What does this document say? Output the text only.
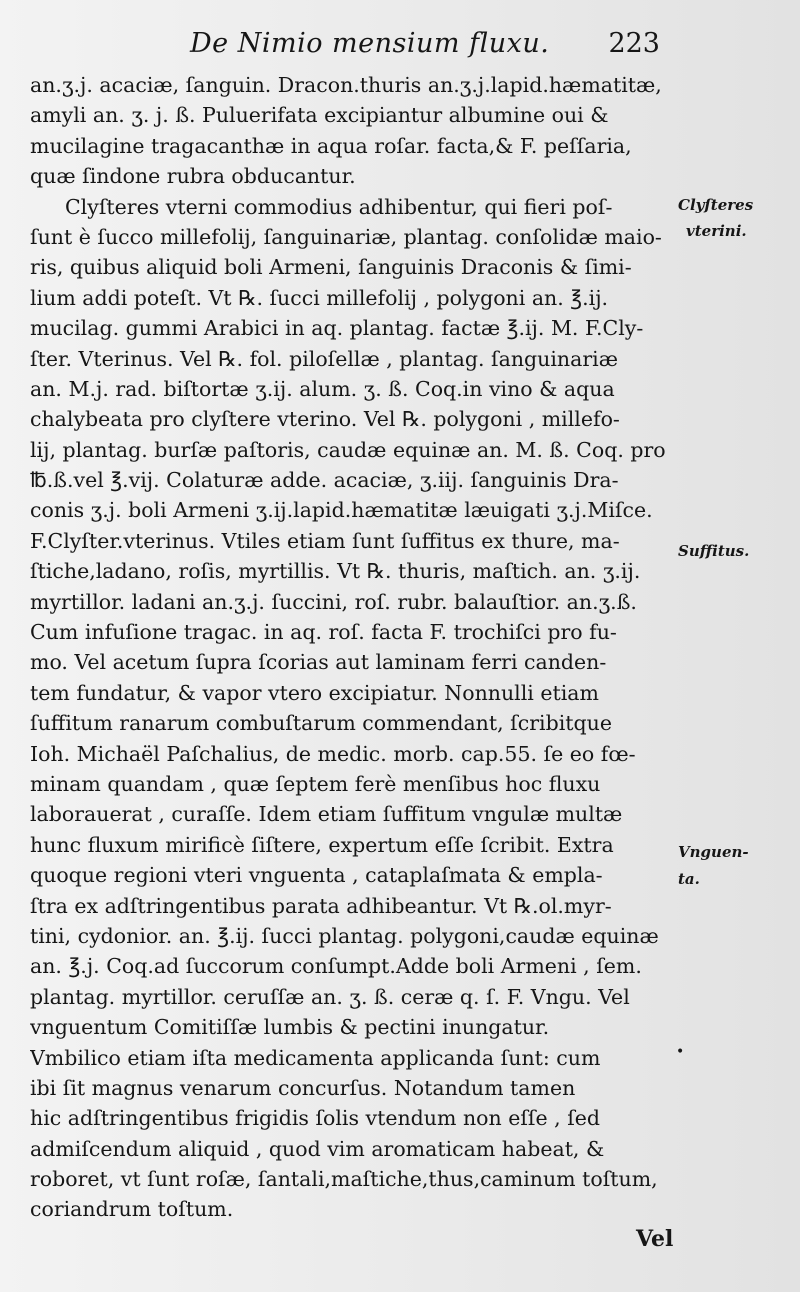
De Nimio mensium fluxu. 223
an.ʒ.j. acaciæ, ſanguin. Dracon.thuris an.ʒ.j.lapid.hæmatitæ,
amyli an. ʒ. j. ß. Puluerifata excipiantur albumine oui &
mucilagine tragacanthæ in aqua roſar. facta,& F. peſſaria,
quæ ſindone rubra obducantur.
Clyſteres vterni commodius adhibentur, qui fieri poſ-
ſunt è ſucco millefolij, ſanguinariæ, plantag. conſolidæ maio-
ris, quibus aliquid boli Armeni, ſanguinis Draconis & ſimi-
lium addi poteſt. Vt ℞. ſucci millefolij , polygoni an. ℥.ij.
mucilag. gummi Arabici in aq. plantag. factæ ℥.ij. M. F.Cly-
ſter. Vterinus. Vel ℞. fol. piloſellæ , plantag. ſanguinariæ
an. M.j. rad. biſtortæ ʒ.ij. alum. ʒ. ß. Coq.in vino & aqua
chalybeata pro clyſtere vterino. Vel ℞. polygoni , millefo-
lij, plantag. burſæ paſtoris, caudæ equinæ an. M. ß. Coq. pro
℔.ß.vel ℥.vij. Colaturæ adde. acaciæ, ʒ.iij. ſanguinis Dra-
conis ʒ.j. boli Armeni ʒ.ij.lapid.hæmatitæ læuigati ʒ.j.Miſce.
F.Clyſter.vterinus. Vtiles etiam ſunt ſuffitus ex thure, ma-
ſtiche,ladano, roſis, myrtillis. Vt ℞. thuris, maſtich. an. ʒ.ij.
myrtillor. ladani an.ʒ.j. ſuccini, roſ. rubr. balauſtior. an.ʒ.ß.
Cum infuſione tragac. in aq. roſ. facta F. trochiſci pro fu-
mo. Vel acetum ſupra ſcorias aut laminam ferri canden-
tem fundatur, & vapor vtero excipiatur. Nonnulli etiam
ſuffitum ranarum combuſtarum commendant, ſcribitque
Ioh. Michaël Paſchalius, de medic. morb. cap.55. ſe eo fœ-
minam quandam , quæ ſeptem ferè menſibus hoc fluxu
laborauerat , curaſſe. Idem etiam ſuffitum vngulæ multæ
hunc fluxum mirificè ſiſtere, expertum eſſe ſcribit. Extra
quoque regioni vteri vnguenta , cataplaſmata & empla-
ſtra ex adſtringentibus parata adhibeantur. Vt ℞.ol.myr-
tini, cydonior. an. ℥.ij. ſucci plantag. polygoni,caudæ equinæ
an. ℥.j. Coq.ad ſuccorum conſumpt.Adde boli Armeni , ſem.
plantag. myrtillor. ceruſſæ an. ʒ. ß. ceræ q. ſ. F. Vngu. Vel
vnguentum Comitiſſæ lumbis & pectini inungatur.
Vmbilico etiam iſta medicamenta applicanda ſunt: cum
ibi ſit magnus venarum concurſus. Notandum tamen
hic adſtringentibus frigidis ſolis vtendum non eſſe , ſed
admiſcendum aliquid , quod vim aromaticam habeat, &
roboret, vt ſunt roſæ, ſantali,maſtiche,thus,caminum toſtum,
coriandrum toſtum.
Clyſteres
vterini.
Suffitus.
Vnguen-
ta.
•
Vel
